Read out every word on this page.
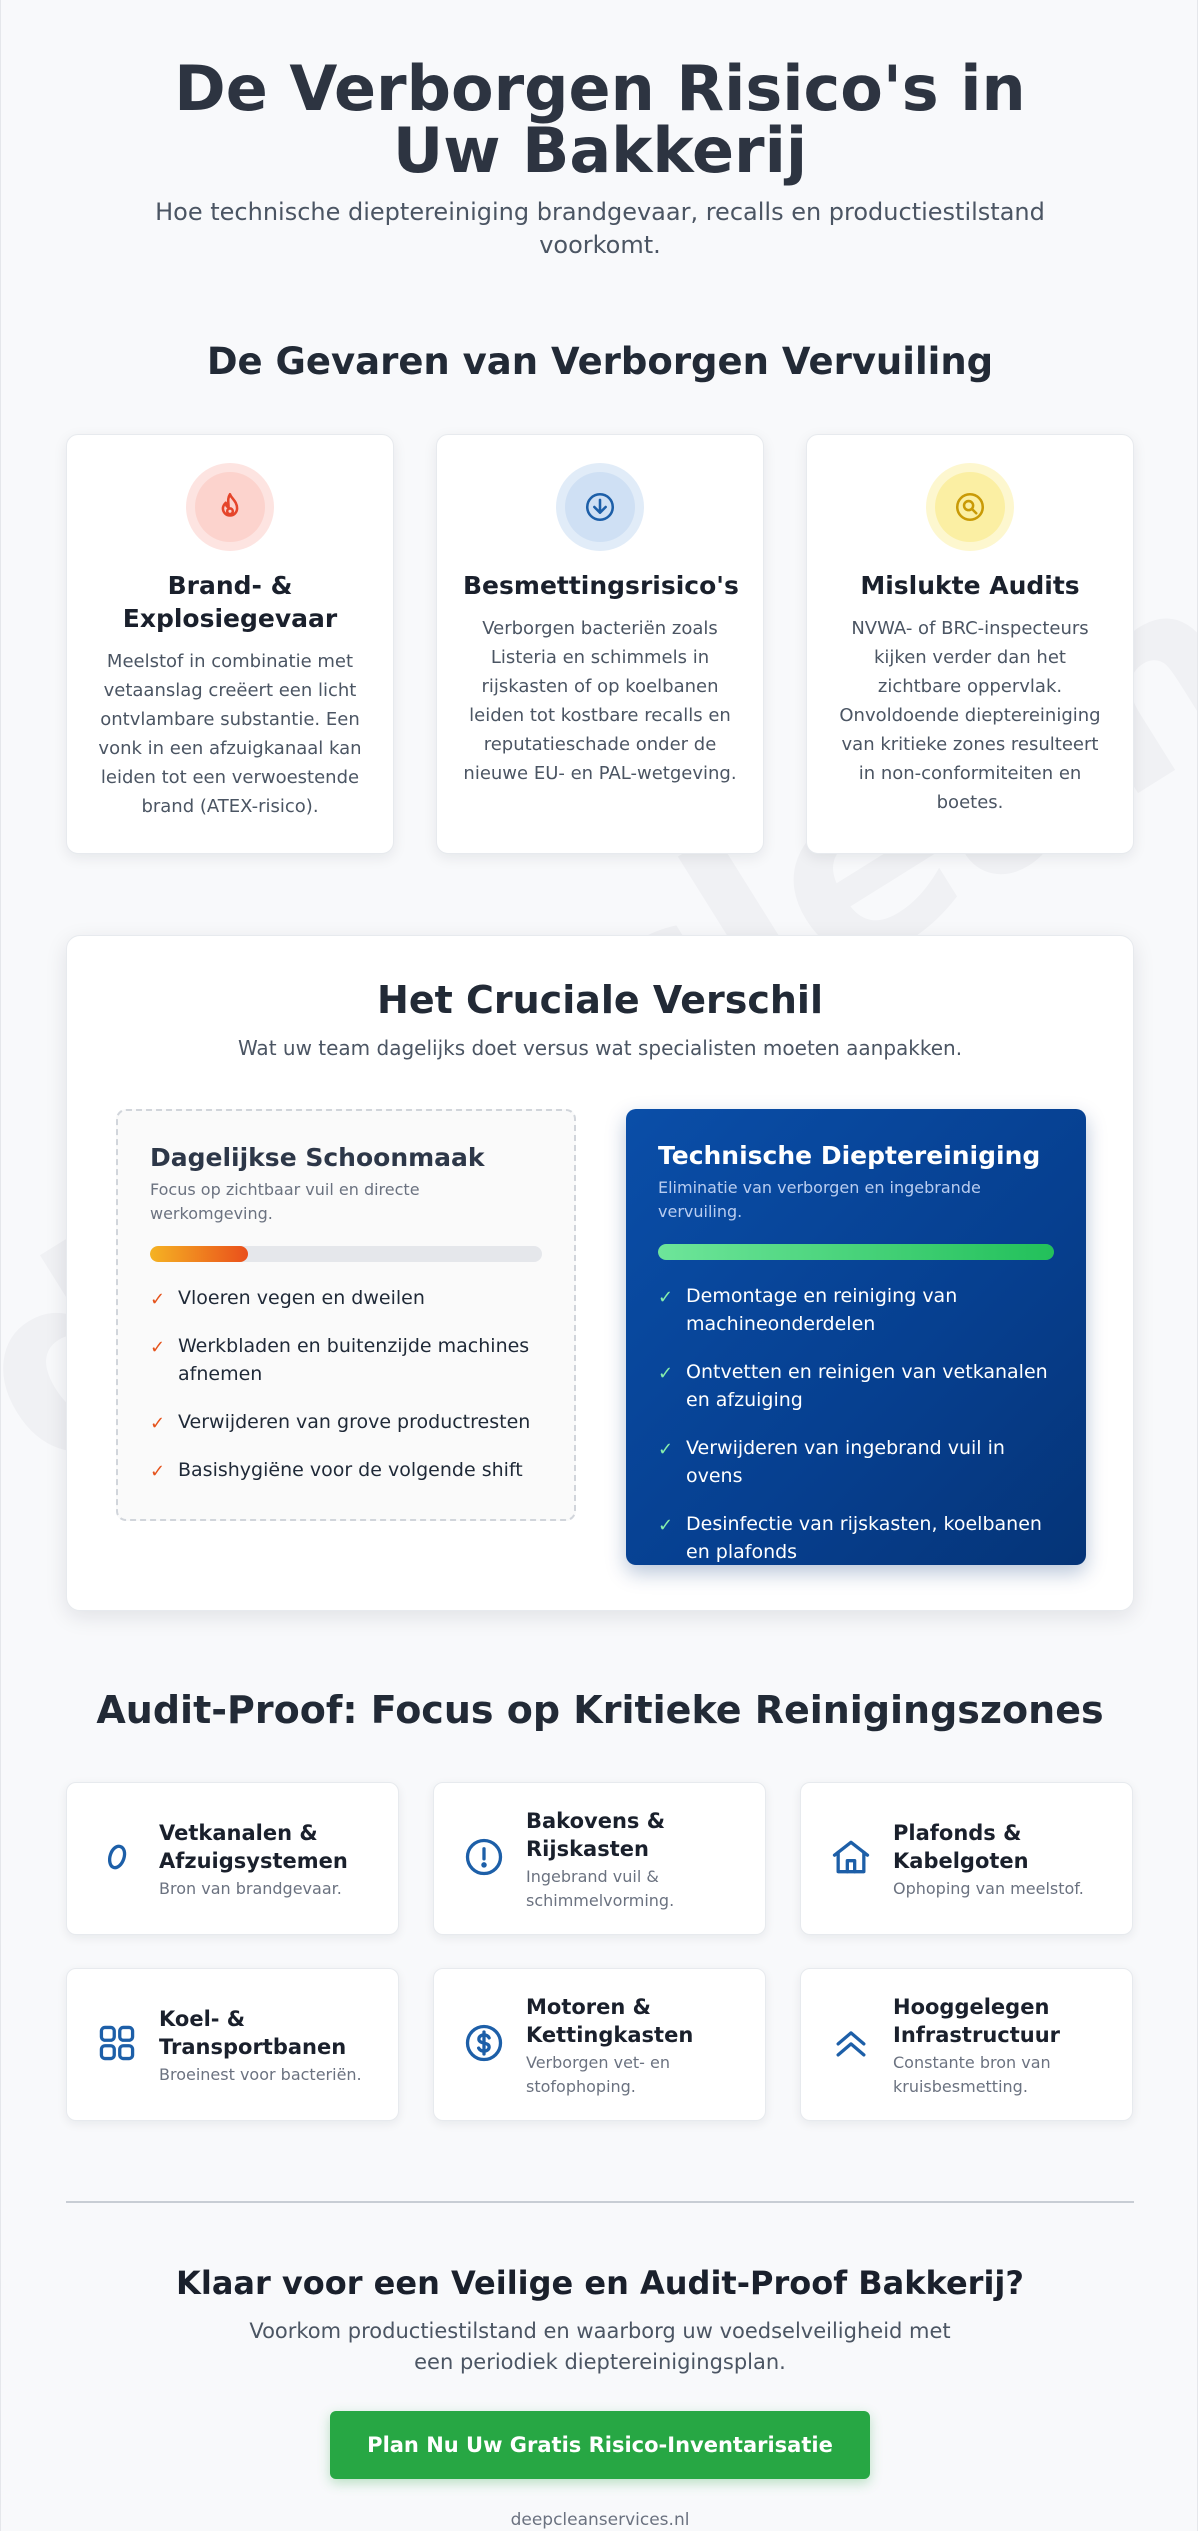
De Verborgen Risico's in Uw Bakkerij

Hoe technische dieptereiniging brandgevaar, recalls en productiestilstand voorkomt.

De Gevaren van Verborgen Vervuiling
Brand- & Explosiegevaar

Meelstof in combinatie met vetaanslag creëert een licht ontvlambare substantie. Een vonk in een afzuigkanaal kan leiden tot een verwoestende brand (ATEX-risico).

Besmettingsrisico's

Verborgen bacteriën zoals Listeria en schimmels in rijskasten of op koelbanen leiden tot kostbare recalls en reputatieschade onder de nieuwe EU- en PAL-wetgeving.

Mislukte Audits

NVWA- of BRC-inspecteurs kijken verder dan het zichtbare oppervlak. Onvoldoende dieptereiniging van kritieke zones resulteert in non-conformiteiten en boetes.

Het Cruciale Verschil

Wat uw team dagelijks doet versus wat specialisten moeten aanpakken.

Dagelijkse Schoonmaak

Focus op zichtbaar vuil en directe werkomgeving.

✓ Vloeren vegen en dweilen
✓ Werkbladen en buitenzijde machines afnemen
✓ Verwijderen van grove productresten
✓ Basishygiëne voor de volgende shift
Technische Dieptereiniging

Eliminatie van verborgen en ingebrande vervuiling.

✓ Demontage en reiniging van machineonderdelen
✓ Ontvetten en reinigen van vetkanalen en afzuiging
✓ Verwijderen van ingebrand vuil in ovens
✓ Desinfectie van rijskasten, koelbanen en plafonds
Audit-Proof: Focus op Kritieke Reinigingszones
Vetkanalen & Afzuigsystemen
Bron van brandgevaar.
Bakovens & Rijskasten
Ingebrand vuil & schimmelvorming.
Plafonds & Kabelgoten
Ophoping van meelstof.
Koel- & Transportbanen
Broeinest voor bacteriën.
Motoren & Kettingkasten
Verborgen vet- en stofophoping.
Hooggelegen Infrastructuur
Constante bron van kruisbesmetting.
Klaar voor een Veilige en Audit-Proof Bakkerij?

Voorkom productiestilstand en waarborg uw voedselveiligheid met een periodiek dieptereinigingsplan.

Plan Nu Uw Gratis Risico-Inventarisatie
deepcleanservices.nl
